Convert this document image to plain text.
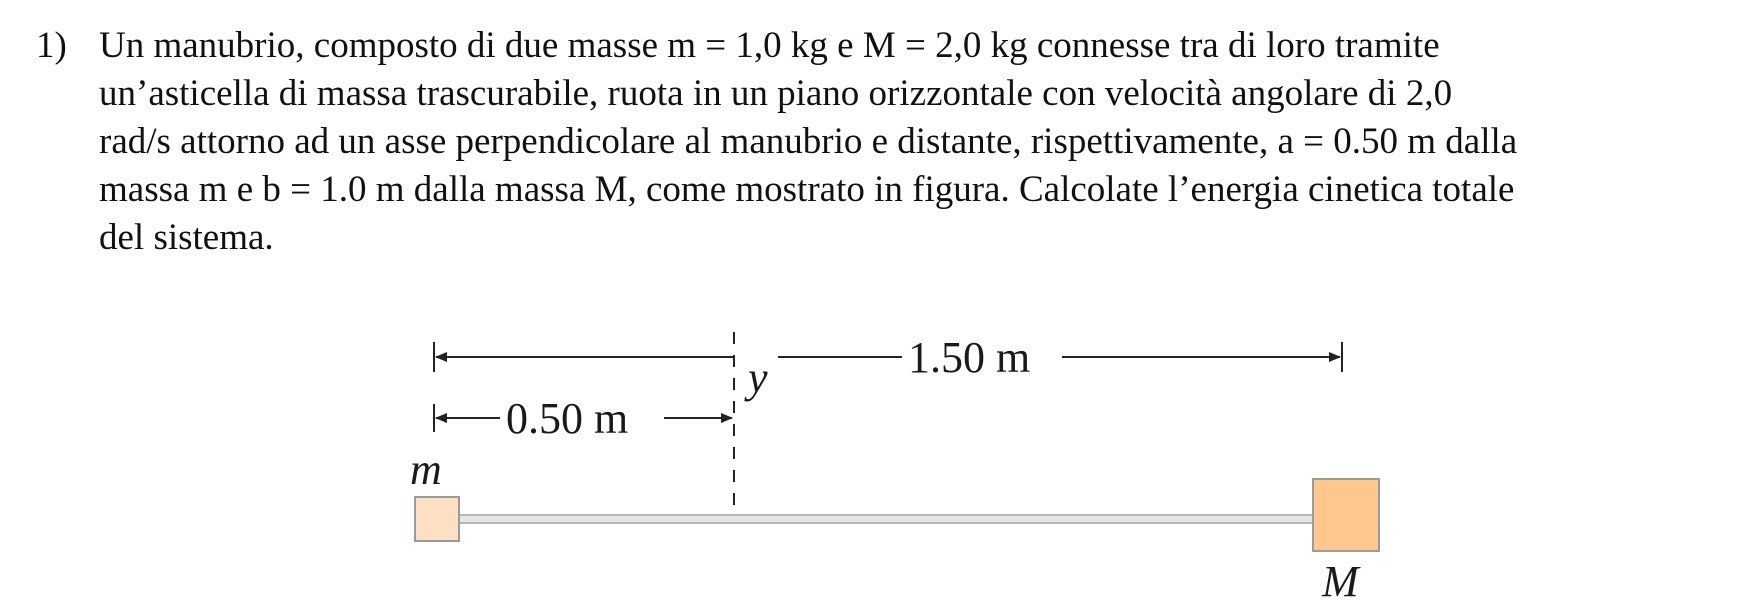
1) Un manubrio, composto di due masse m = 1,0 kg e M = 2,0 kg connesse tra di loro tramite
un’asticella di massa trascurabile, ruota in un piano orizzontale con velocità angolare di 2,0
rad/s attorno ad un asse perpendicolare al manubrio e distante, rispettivamente, a = 0.50 m dalla
massa m e b = 1.0 m dalla massa M, come mostrato in figura. Calcolate l’energia cinetica totale
del sistema.
1.50 m
y
0.50 m
m
M
